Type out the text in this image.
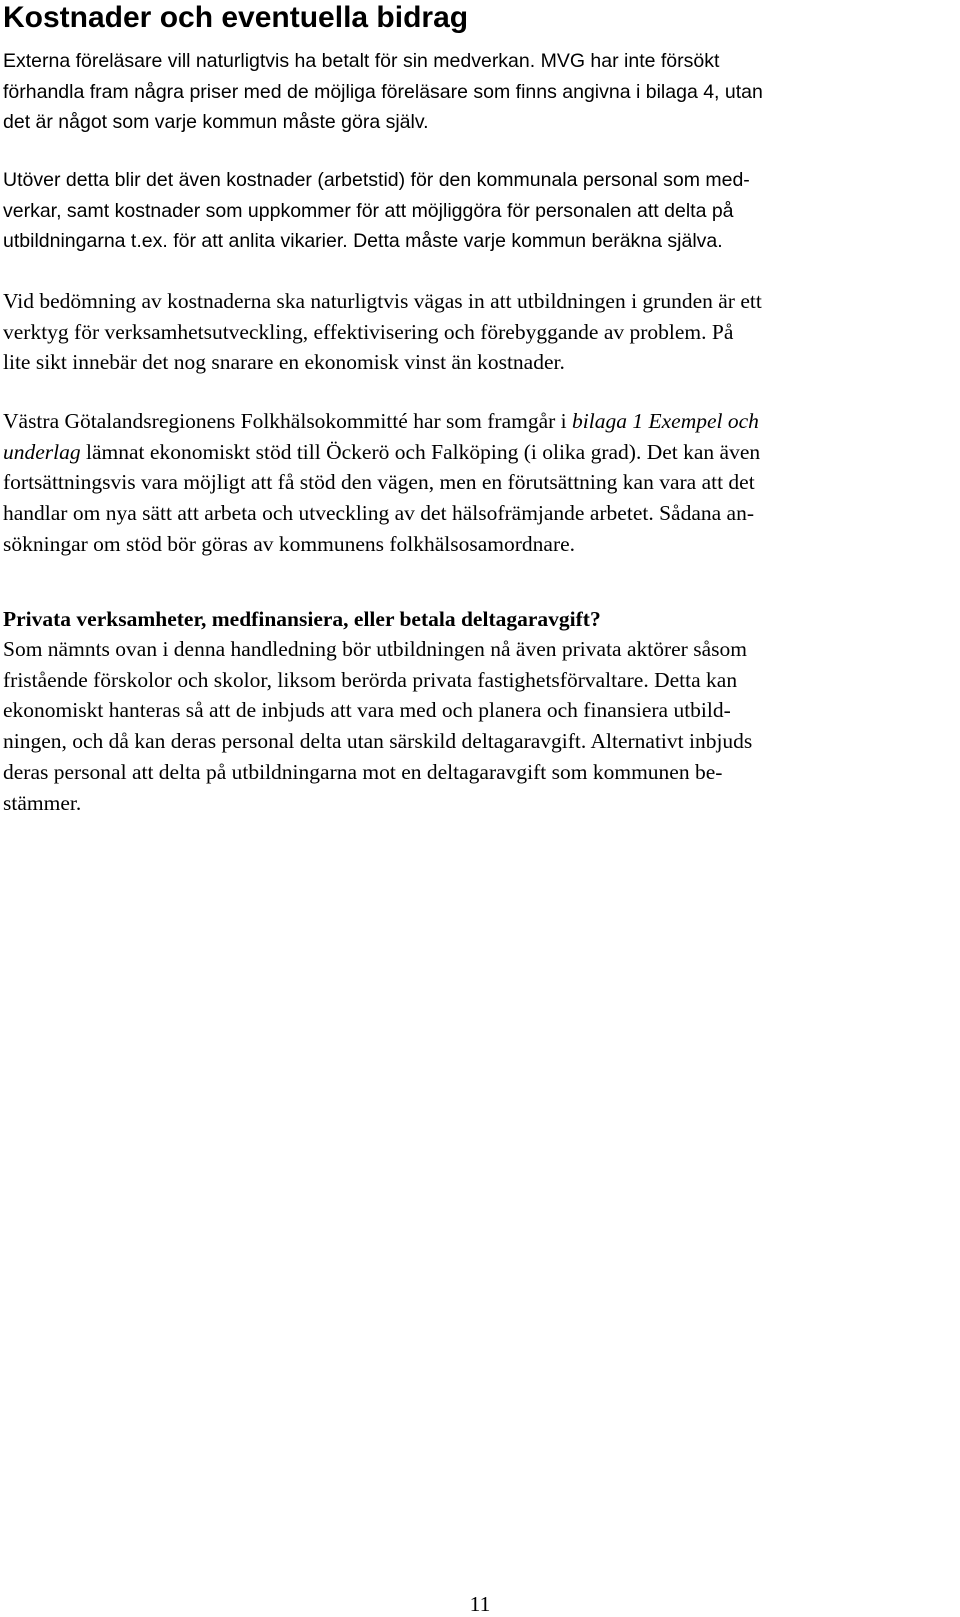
Kostnader och eventuella bidrag

Externa föreläsare vill naturligtvis ha betalt för sin medverkan. MVG har inte försökt
förhandla fram några priser med de möjliga föreläsare som finns angivna i bilaga 4, utan
det är något som varje kommun måste göra själv.

Utöver detta blir det även kostnader (arbetstid) för den kommunala personal som med-
verkar, samt kostnader som uppkommer för att möjliggöra för personalen att delta på
utbildningarna t.ex. för att anlita vikarier. Detta måste varje kommun beräkna själva.

Vid bedömning av kostnaderna ska naturligtvis vägas in att utbildningen i grunden är ett
verktyg för verksamhetsutveckling, effektivisering och förebyggande av problem. På
lite sikt innebär det nog snarare en ekonomisk vinst än kostnader.

Västra Götalandsregionens Folkhälsokommitté har som framgår i bilaga 1 Exempel och
underlag lämnat ekonomiskt stöd till Öckerö och Falköping (i olika grad). Det kan även
fortsättningsvis vara möjligt att få stöd den vägen, men en förutsättning kan vara att det
handlar om nya sätt att arbeta och utveckling av det hälsofrämjande arbetet. Sådana an-
sökningar om stöd bör göras av kommunens folkhälsosamordnare.

Privata verksamheter, medfinansiera, eller betala deltagaravgift?

Som nämnts ovan i denna handledning bör utbildningen nå även privata aktörer såsom
fristående förskolor och skolor, liksom berörda privata fastighetsförvaltare. Detta kan
ekonomiskt hanteras så att de inbjuds att vara med och planera och finansiera utbild-
ningen, och då kan deras personal delta utan särskild deltagaravgift. Alternativt inbjuds
deras personal att delta på utbildningarna mot en deltagaravgift som kommunen be-
stämmer.

11
